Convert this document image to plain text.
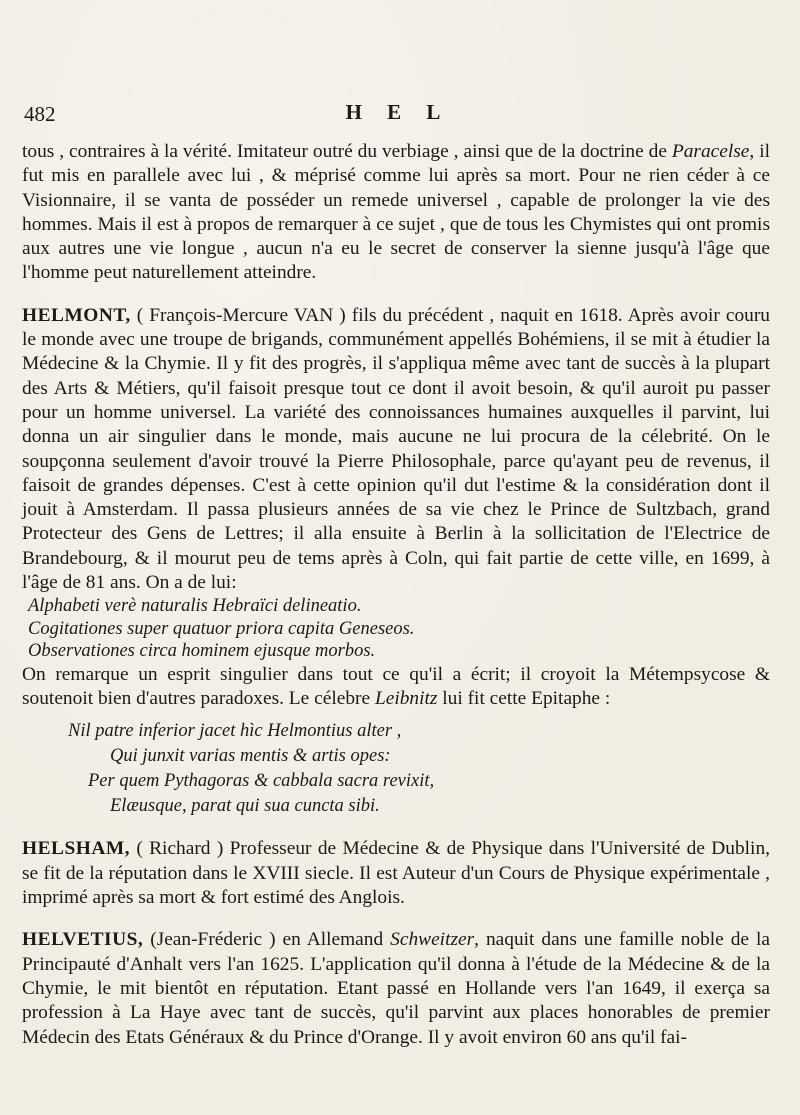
482	H E L

tous , contraires à la vérité. Imitateur outré du verbiage , ainsi que de la doctrine de Paracelse, il fut mis en parallele avec lui , & méprisé comme lui après sa mort. Pour ne rien céder à ce Visionnaire, il se vanta de posséder un remede universel , capable de prolonger la vie des hommes. Mais il est à propos de remarquer à ce sujet , que de tous les Chymistes qui ont promis aux autres une vie longue , aucun n'a eu le secret de conserver la sienne jusqu'à l'âge que l'homme peut naturellement atteindre.

HELMONT, ( François-Mercure VAN ) fils du précédent , naquit en 1618. Après avoir couru le monde avec une troupe de brigands, communément appellés Bohémiens, il se mit à étudier la Médecine & la Chymie. Il y fit des progrès, il s'appliqua même avec tant de succès à la plupart des Arts & Métiers, qu'il faisoit presque tout ce dont il avoit besoin, & qu'il auroit pu passer pour un homme universel. La variété des connoissances humaines auxquelles il parvint, lui donna un air singulier dans le monde, mais aucune ne lui procura de la célebrité. On le soupçonna seulement d'avoir trouvé la Pierre Philosophale, parce qu'ayant peu de revenus, il faisoit de grandes dépenses. C'est à cette opinion qu'il dut l'estime & la considération dont il jouit à Amsterdam. Il passa plusieurs années de sa vie chez le Prince de Sultzbach, grand Protecteur des Gens de Lettres; il alla ensuite à Berlin à la sollicitation de l'Electrice de Brandebourg, & il mourut peu de tems après à Coln, qui fait partie de cette ville, en 1699, à l'âge de 81 ans. On a de lui:

Alphabeti verè naturalis Hebraïci delineatio.
Cogitationes super quatuor priora capita Geneseos.
Observationes circa hominem ejusque morbos.

On remarque un esprit singulier dans tout ce qu'il a écrit; il croyoit la Métempsycose & soutenoit bien d'autres paradoxes. Le célebre Leibnitz lui fit cette Epitaphe :

Nil patre inferior jacet hìc Helmontius alter ,
Qui junxit varias mentis & artis opes:
Per quem Pythagoras & cabbala sacra revixit,
Elæusque, parat qui sua cuncta sibi.

HELSHAM, ( Richard ) Professeur de Médecine & de Physique dans l'Université de Dublin, se fit de la réputation dans le XVIII siecle. Il est Auteur d'un Cours de Physique expérimentale , imprimé après sa mort & fort estimé des Anglois.

HELVETIUS, (Jean-Fréderic ) en Allemand Schweitzer, naquit dans une famille noble de la Principauté d'Anhalt vers l'an 1625. L'application qu'il donna à l'étude de la Médecine & de la Chymie, le mit bientôt en réputation. Etant passé en Hollande vers l'an 1649, il exerça sa profession à La Haye avec tant de succès, qu'il parvint aux places honorables de premier Médecin des Etats Généraux & du Prince d'Orange. Il y avoit environ 60 ans qu'il fai-
